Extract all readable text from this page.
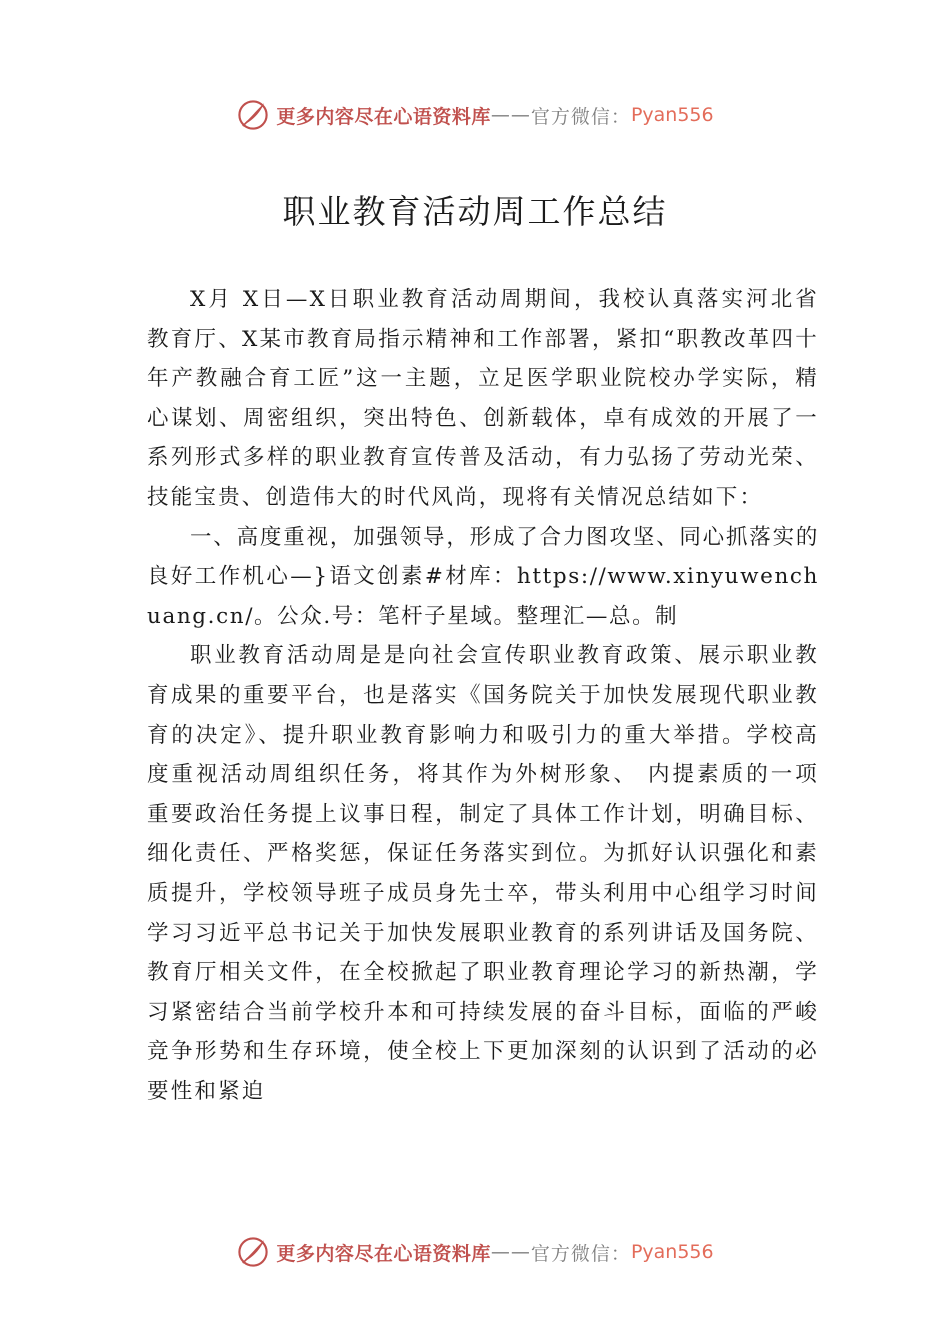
更多内容尽在心语资料库 —— 官方微信： Pyan556
职业教育活动周工作总结

X月 X日—X日职业教育活动周期间，我校认真落实河北省教育厅、X某市教育局指示精神和工作部署，紧扣“职教改革四十年产教融合育工匠”这一主题，立足医学职业院校办学实际，精心谋划、周密组织，突出特色、创新载体，卓有成效的开展了一系列形式多样的职业教育宣传普及活动，有力弘扬了劳动光荣、技能宝贵、创造伟大的时代风尚，现将有关情况总结如下：

一、高度重视，加强领导，形成了合力图攻坚、同心抓落实的良好工作机心—}语文创素#材库：https://www.xinyuwenchuang.cn/。公众.号：笔杆子星域。整理汇—总。制

职业教育活动周是是向社会宣传职业教育政策、展示职业教育成果的重要平台，也是落实《国务院关于加快发展现代职业教育的决定》、提升职业教育影响力和吸引力的重大举措。学校高度重视活动周组织任务，将其作为外树形象、 内提素质的一项重要政治任务提上议事日程，制定了具体工作计划，明确目标、细化责任、严格奖惩，保证任务落实到位。为抓好认识强化和素质提升，学校领导班子成员身先士卒，带头利用中心组学习时间学习习近平总书记关于加快发展职业教育的系列讲话及国务院、教育厅相关文件，在全校掀起了职业教育理论学习的新热潮，学习紧密结合当前学校升本和可持续发展的奋斗目标，面临的严峻竞争形势和生存环境，使全校上下更加深刻的认识到了活动的必要性和紧迫

更多内容尽在心语资料库 —— 官方微信： Pyan556
